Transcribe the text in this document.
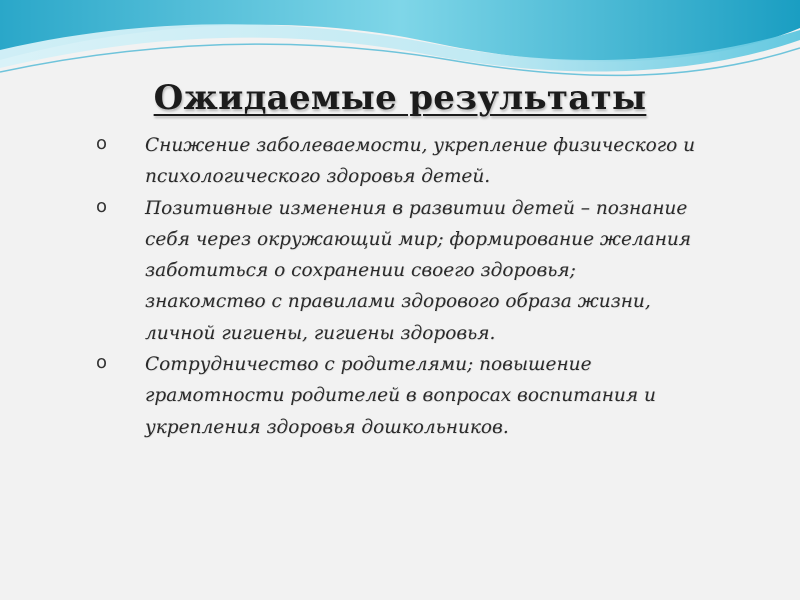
Ожидаемые результаты
o Снижение заболеваемости, укрепление физического и психологического здоровья детей.
o Позитивные изменения в развитии детей – познание себя через окружающий мир; формирование желания заботиться о сохранении своего здоровья; знакомство с правилами здорового образа жизни, личной гигиены, гигиены здоровья.
o Сотрудничество с родителями; повышение грамотности родителей в вопросах воспитания и укрепления здоровья дошкольников.
